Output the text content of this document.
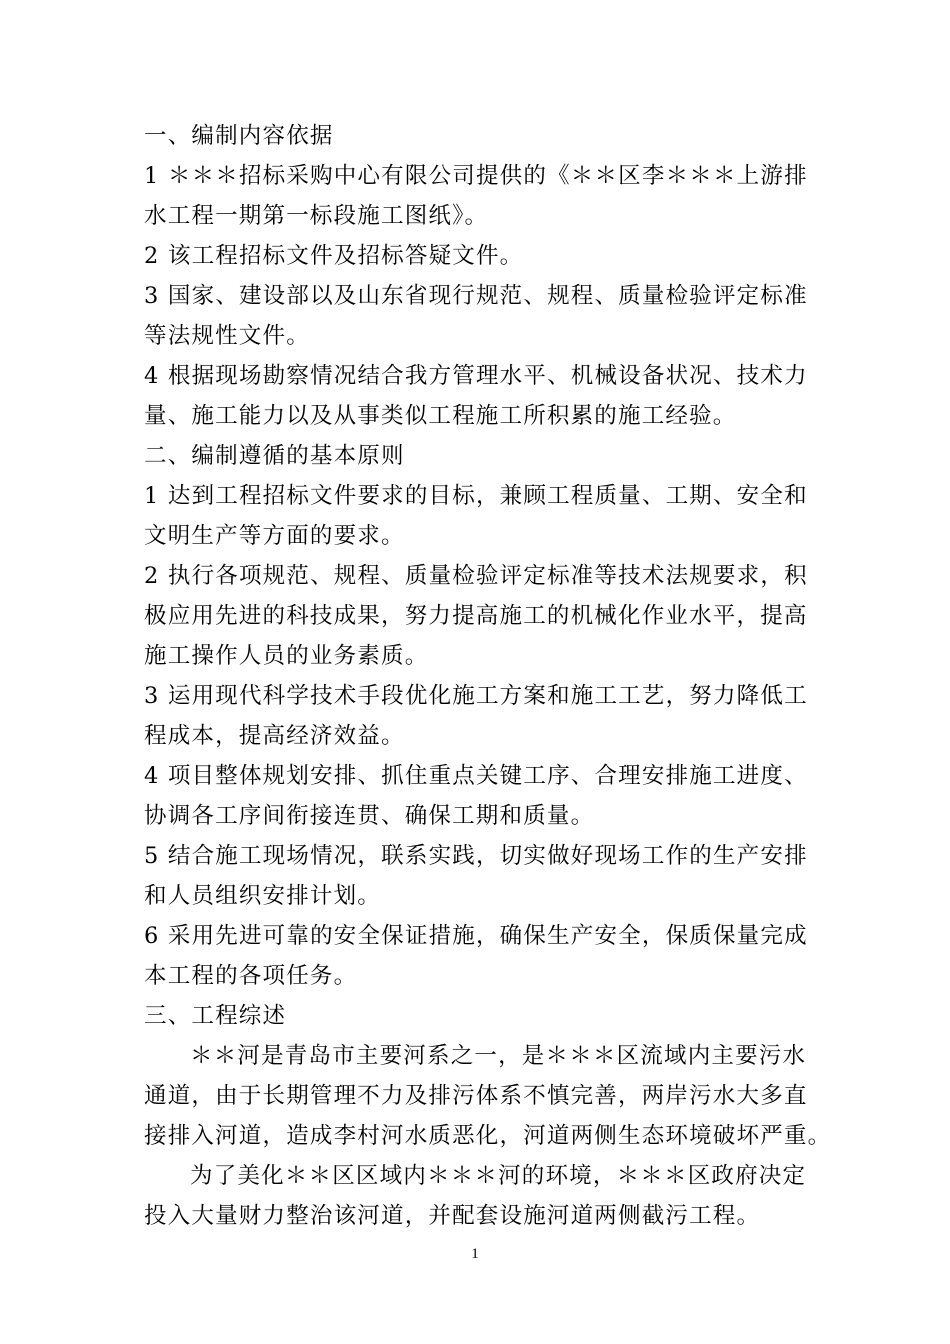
一、编制内容依据
1 ＊＊＊招标采购中心有限公司提供的《＊＊区李＊＊＊上游排
水工程一期第一标段施工图纸》。
2 该工程招标文件及招标答疑文件。
3 国家、建设部以及山东省现行规范、规程、质量检验评定标准
等法规性文件。
4 根据现场勘察情况结合我方管理水平、机械设备状况、技术力
量、施工能力以及从事类似工程施工所积累的施工经验。
二、编制遵循的基本原则
1 达到工程招标文件要求的目标，兼顾工程质量、工期、安全和
文明生产等方面的要求。
2 执行各项规范、规程、质量检验评定标准等技术法规要求，积
极应用先进的科技成果，努力提高施工的机械化作业水平，提高
施工操作人员的业务素质。
3 运用现代科学技术手段优化施工方案和施工工艺，努力降低工
程成本，提高经济效益。
4 项目整体规划安排、抓住重点关键工序、合理安排施工进度、
协调各工序间衔接连贯、确保工期和质量。
5 结合施工现场情况，联系实践，切实做好现场工作的生产安排
和人员组织安排计划。
6 采用先进可靠的安全保证措施，确保生产安全，保质保量完成
本工程的各项任务。
三、工程综述
＊＊河是青岛市主要河系之一，是＊＊＊区流域内主要污水
通道，由于长期管理不力及排污体系不慎完善，两岸污水大多直
接排入河道，造成李村河水质恶化，河道两侧生态环境破坏严重。
为了美化＊＊区区域内＊＊＊河的环境，＊＊＊区政府决定
投入大量财力整治该河道，并配套设施河道两侧截污工程。
1
